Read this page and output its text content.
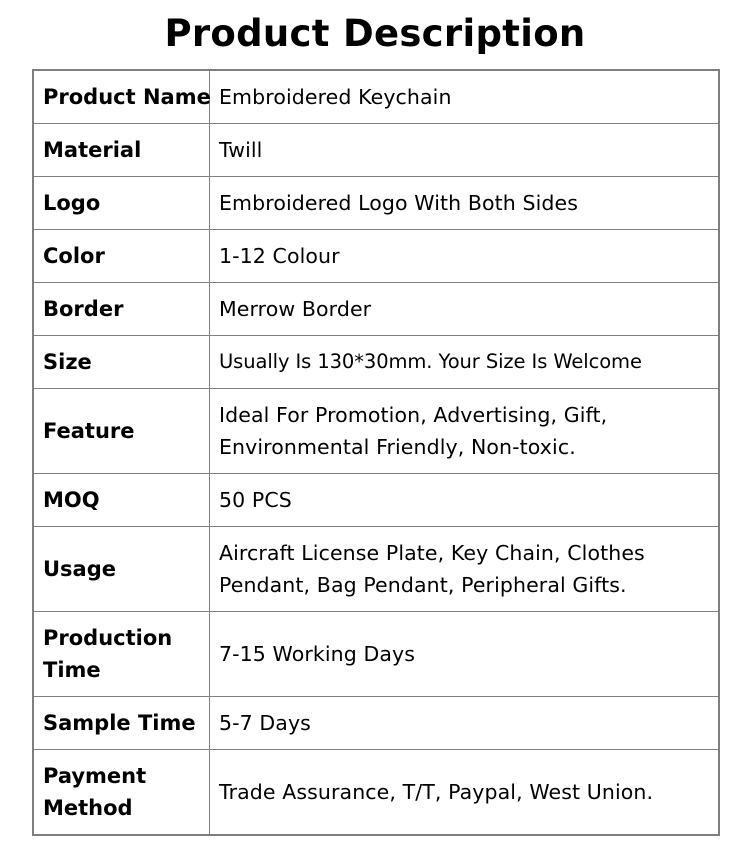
Product Description
Product Name	Embroidered Keychain
Material	Twill
Logo	Embroidered Logo With Both Sides
Color	1-12 Colour
Border	Merrow Border
Size	Usually Is 130*30mm. Your Size Is Welcome
Feature	Ideal For Promotion, Advertising, Gift, Environmental Friendly, Non-toxic.
MOQ	50 PCS
Usage	Aircraft License Plate, Key Chain, Clothes Pendant, Bag Pendant, Peripheral Gifts.
Production Time	7-15 Working Days
Sample Time	5-7 Days
Payment Method	Trade Assurance, T/T, Paypal, West Union.
